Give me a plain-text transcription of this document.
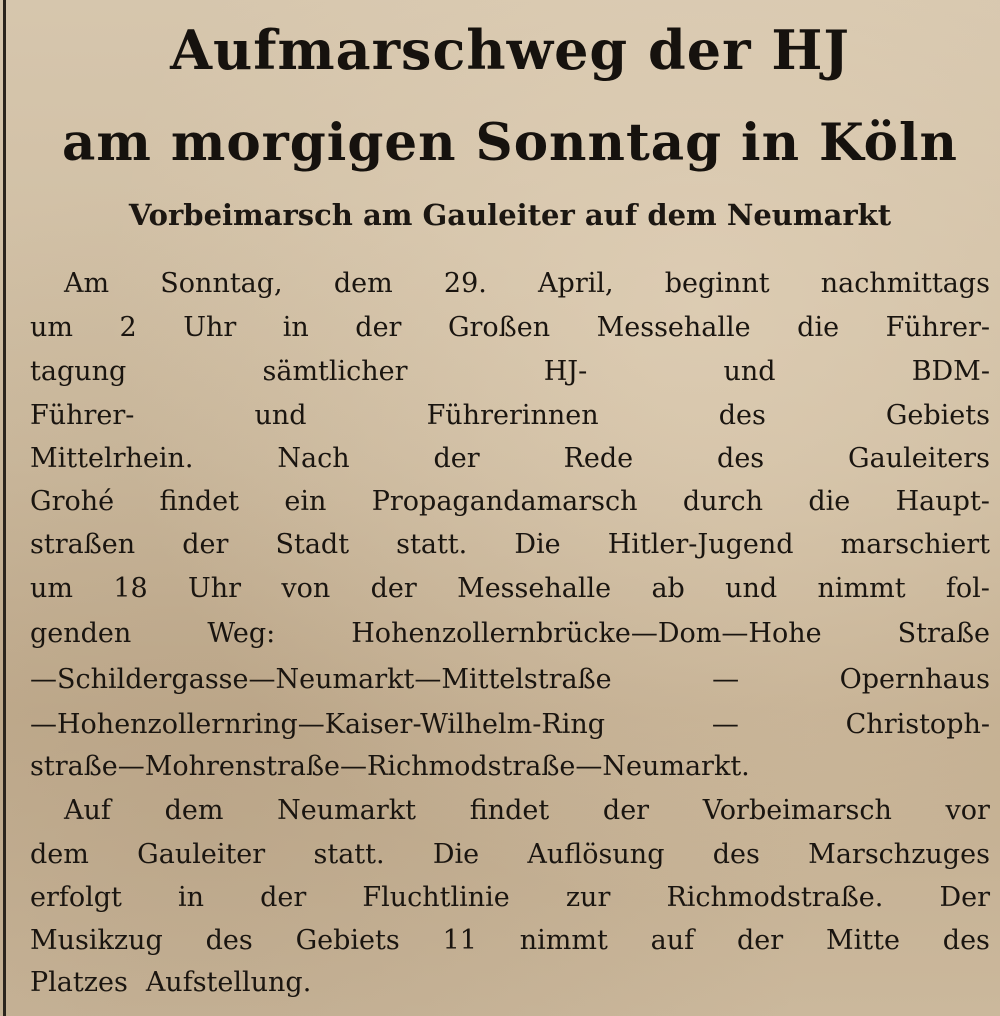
Aufmarschweg der HJ
am morgigen Sonntag in Köln
Vorbeimarsch am Gauleiter auf dem Neumarkt
Am Sonntag, dem 29. April, beginnt nachmittags
um 2 Uhr in der Großen Messehalle die Führer-
tagung	sämtlicher	HJ-	und	BDM-
Führer-	und	Führerinnen	des	Gebiets
Mittelrhein.	Nach	der	Rede	des	Gauleiters
Grohé findet ein Propagandamarsch durch die Haupt-
straßen der Stadt statt. Die Hitler-Jugend marschiert
um 18 Uhr von der Messehalle ab und nimmt fol-
genden	Weg:	Hohenzollernbrücke—Dom—Hohe	Straße
—Schildergasse—Neumarkt—Mittelstraße	—	Opernhaus
—Hohenzollernring—Kaiser-Wilhelm-Ring	—	Christoph-
straße—Mohrenstraße—Richmodstraße—Neumarkt.
Auf dem Neumarkt findet der Vorbeimarsch vor
dem Gauleiter statt. Die Auflösung des Marschzuges
erfolgt in der Fluchtlinie zur Richmodstraße. Der
Musikzug des Gebiets 11 nimmt auf der Mitte des
Platzes Aufstellung.
